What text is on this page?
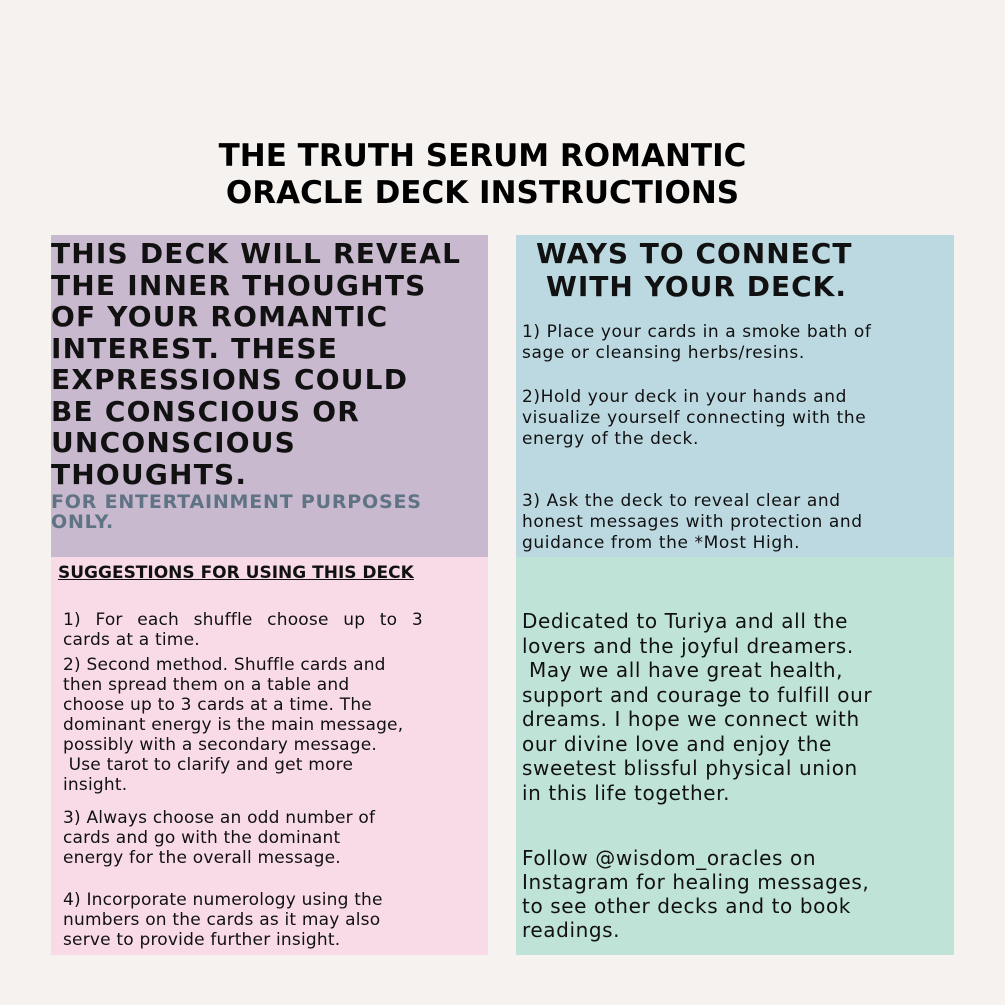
THE TRUTH SERUM ROMANTIC
ORACLE DECK INSTRUCTIONS
THIS DECK WILL REVEAL
THE INNER THOUGHTS
OF YOUR ROMANTIC
INTEREST. THESE
EXPRESSIONS COULD
BE CONSCIOUS OR
UNCONSCIOUS
THOUGHTS.
FOR ENTERTAINMENT PURPOSES
ONLY.
SUGGESTIONS FOR USING THIS DECK
1) For each shuffle choose up to 3
cards at a time.
2) Second method. Shuffle cards and
then spread them on a table and
choose up to 3 cards at a time. The
dominant energy is the main message,
possibly with a secondary message.
Use tarot to clarify and get more
insight.
3) Always choose an odd number of
cards and go with the dominant
energy for the overall message.
4) Incorporate numerology using the
numbers on the cards as it may also
serve to provide further insight.
WAYS TO CONNECT
WITH YOUR DECK.
1) Place your cards in a smoke bath of
sage or cleansing herbs/resins.
2)Hold your deck in your hands and
visualize yourself connecting with the
energy of the deck.
3) Ask the deck to reveal clear and
honest messages with protection and
guidance from the *Most High.
Dedicated to Turiya and all the
lovers and the joyful dreamers.
May we all have great health,
support and courage to fulfill our
dreams. I hope we connect with
our divine love and enjoy the
sweetest blissful physical union
in this life together.
Follow @wisdom_oracles on
Instagram for healing messages,
to see other decks and to book
readings.
